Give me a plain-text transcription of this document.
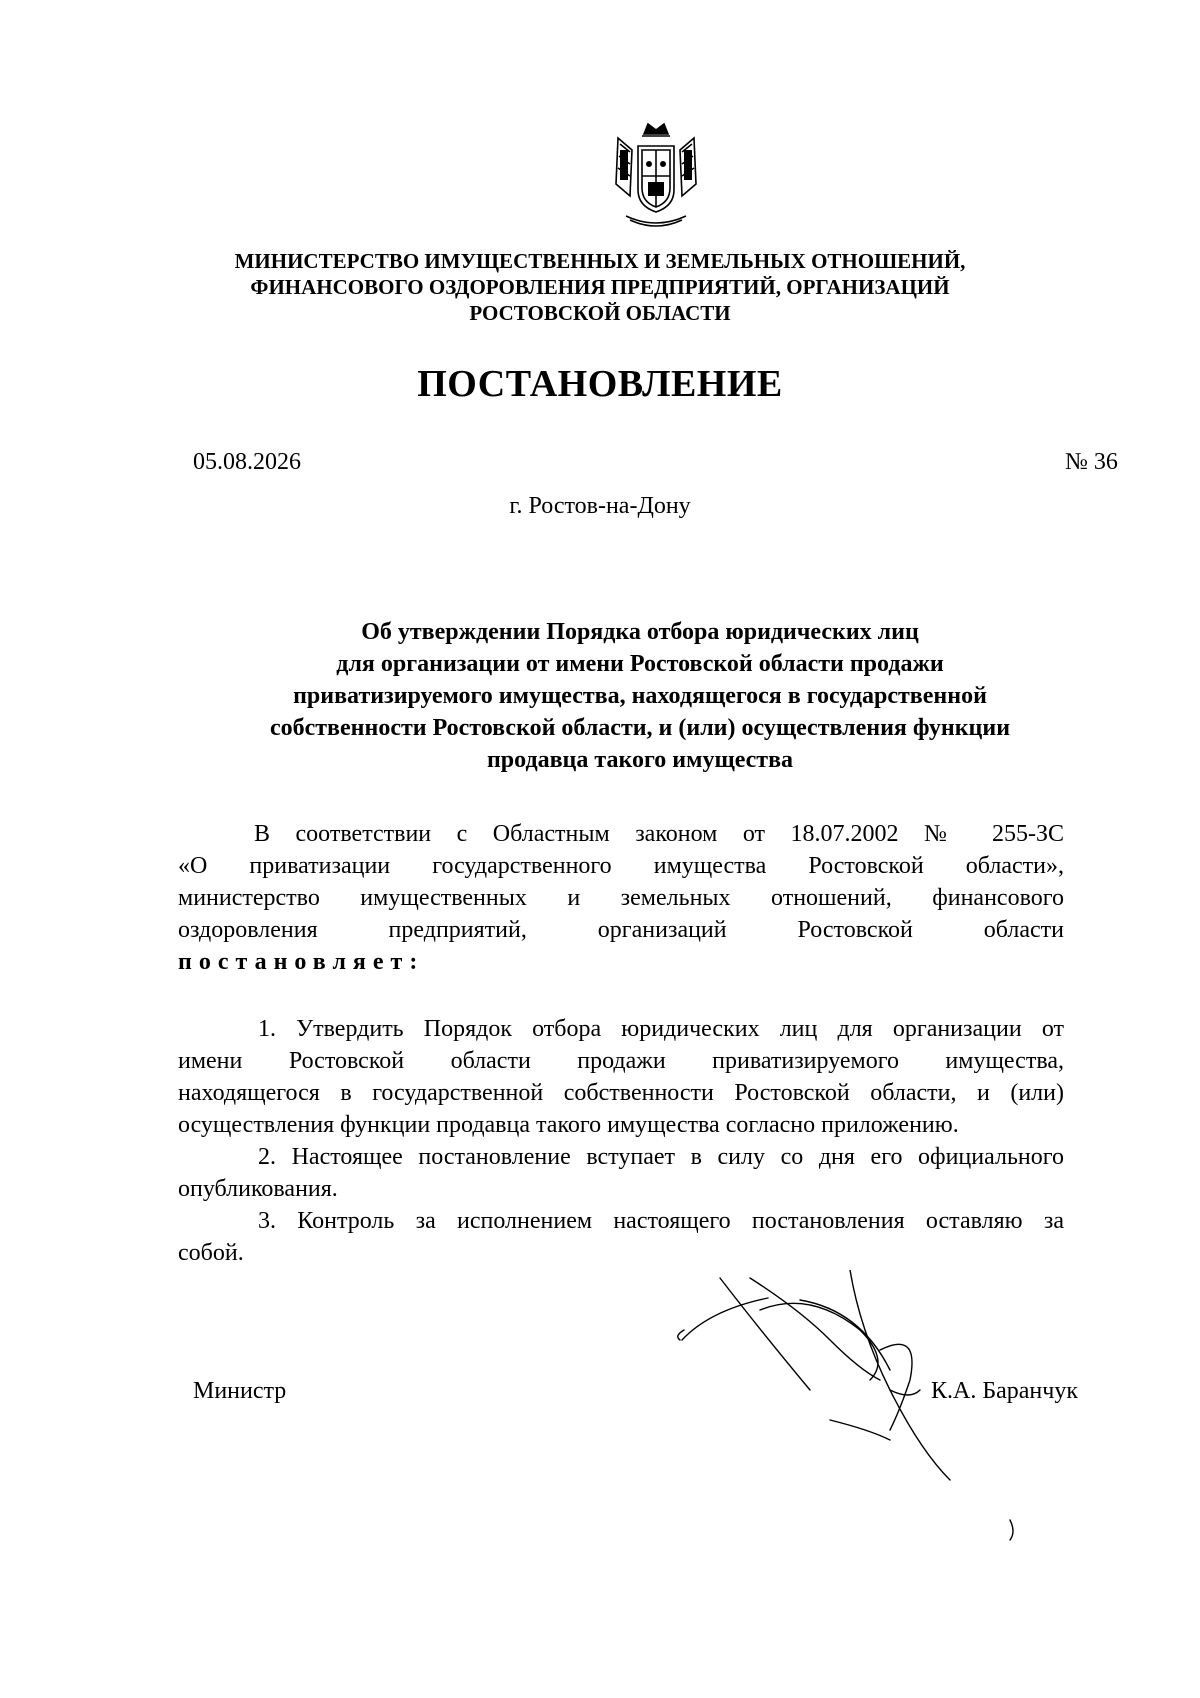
МИНИСТЕРСТВО ИМУЩЕСТВЕННЫХ И ЗЕМЕЛЬНЫХ ОТНОШЕНИЙ,
ФИНАНСОВОГО ОЗДОРОВЛЕНИЯ ПРЕДПРИЯТИЙ, ОРГАНИЗАЦИЙ
РОСТОВСКОЙ ОБЛАСТИ
ПОСТАНОВЛЕНИЕ
05.08.2026	№ 36
г. Ростов-на-Дону
Об утверждении Порядка отбора юридических лиц
для организации от имени Ростовской области продажи
приватизируемого имущества, находящегося в государственной
собственности Ростовской области, и (или) осуществления функции
продавца такого имущества
В соответствии с Областным законом от 18.07.2002 № 255-ЗС
«О приватизации государственного имущества Ростовской области»,
министерство имущественных и земельных отношений, финансового
оздоровления предприятий, организаций Ростовской области
постановляет:
1. Утвердить Порядок отбора юридических лиц для организации от
имени Ростовской области продажи приватизируемого имущества,
находящегося в государственной собственности Ростовской области, и (или)
осуществления функции продавца такого имущества согласно приложению.
2. Настоящее постановление вступает в силу со дня его официального
опубликования.
3. Контроль за исполнением настоящего постановления оставляю за
собой.
Министр	К.А. Баранчук
